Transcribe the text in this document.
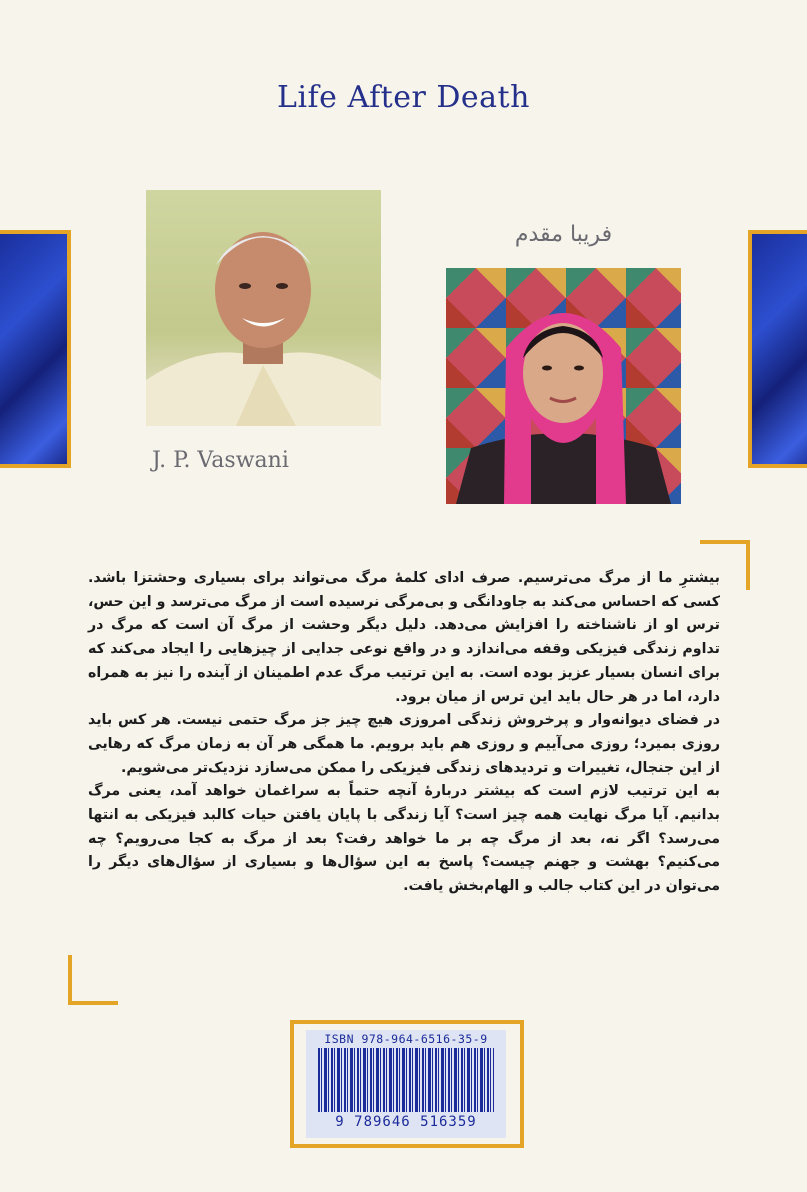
Life After Death
J. P. Vaswani
فریبا مقدم

بیشترِ ما از مرگ می‌ترسیم. صرف ادای کلمهٔ مرگ می‌تواند برای بسیاری وحشتزا باشد. کسی که احساس می‌کند به جاودانگی و بی‌مرگی نرسیده است از مرگ می‌ترسد و این حس، ترس او از ناشناخته را افزایش می‌دهد. دلیل دیگر وحشت از مرگ آن است که مرگ در تداوم زندگی فیزیکی وقفه می‌اندازد و در واقع نوعی جدایی از چیزهایی را ایجاد می‌کند که برای انسان بسیار عزیز بوده است. به این ترتیب مرگ عدم اطمینان از آینده را نیز به همراه دارد، اما در هر حال باید این ترس از میان برود.

در فضای دیوانه‌وار و پرخروش زندگی امروزی هیچ چیز جز مرگ حتمی نیست. هر کس باید روزی بمیرد؛ روزی می‌آییم و روزی هم باید برویم. ما همگی هر آن به زمان مرگ که رهایی از این جنجال، تغییرات و تردیدهای زندگی فیزیکی را ممکن می‌سازد نزدیک‌تر می‌شویم.

به این ترتیب لازم است که بیشتر دربارهٔ آنچه حتماً به سراغمان خواهد آمد، یعنی مرگ بدانیم. آیا مرگ نهایت همه چیز است؟ آیا زندگی با پایان یافتن حیات کالبد فیزیکی به انتها می‌رسد؟ اگر نه، بعد از مرگ چه بر ما خواهد رفت؟ بعد از مرگ به کجا می‌رویم؟ چه می‌کنیم؟ بهشت و جهنم چیست؟ پاسخ به این سؤال‌ها و بسیاری از سؤال‌های دیگر را می‌توان در این کتاب جالب و الهام‌بخش یافت.

ISBN 978-964-6516-35-9
9 789646 516359
